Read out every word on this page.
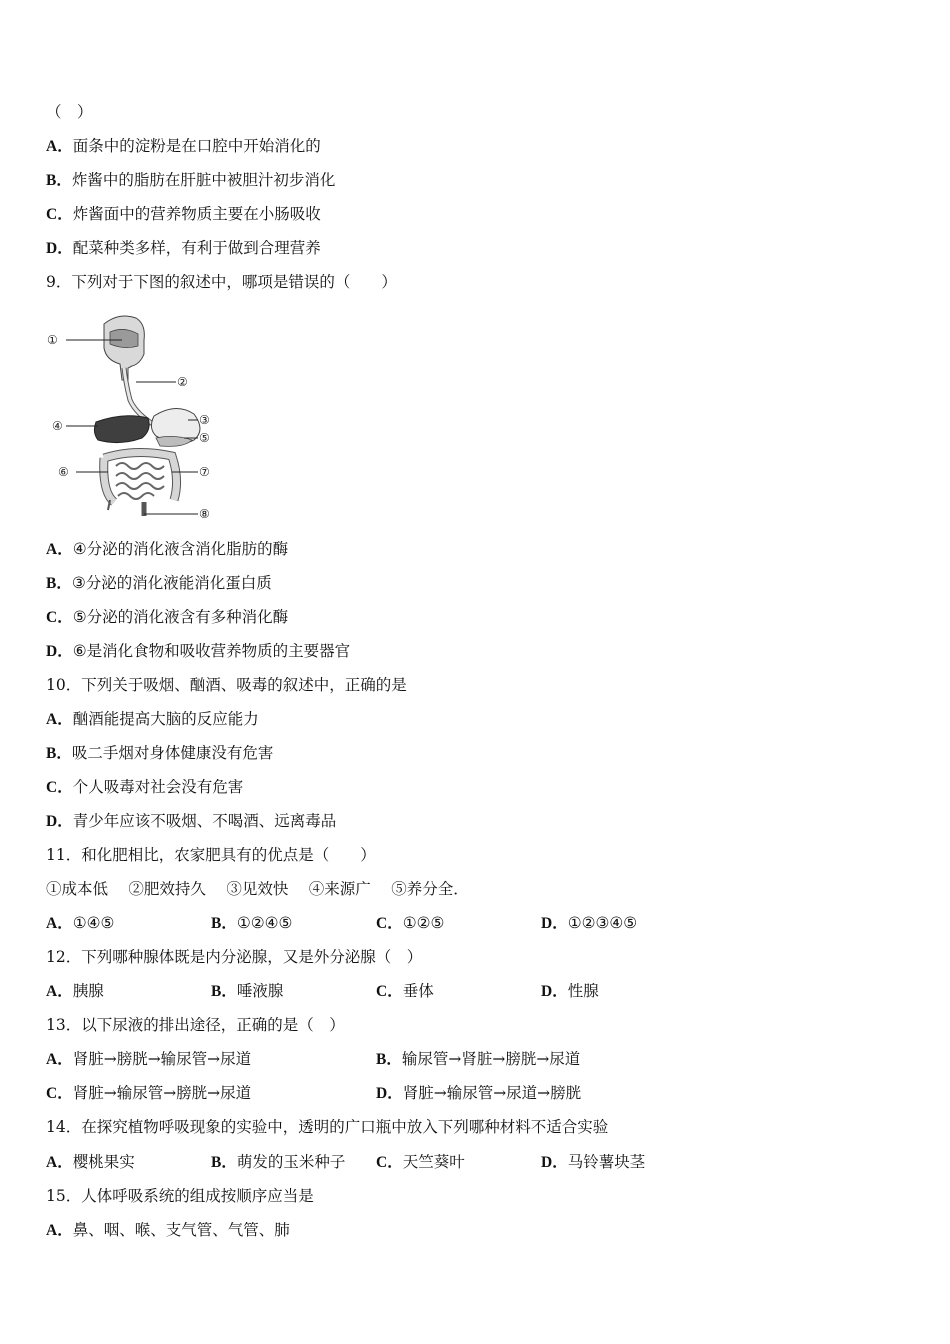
（　）
A．面条中的淀粉是在口腔中开始消化的
B．炸酱中的脂肪在肝脏中被胆汁初步消化
C．炸酱面中的营养物质主要在小肠吸收
D．配菜种类多样，有利于做到合理营养
9．下列对于下图的叙述中，哪项是错误的（　　）
①
②
③
④
⑤
⑥	⑦
⑧
A．④分泌的消化液含消化脂肪的酶
B．③分泌的消化液能消化蛋白质
C．⑤分泌的消化液含有多种消化酶
D．⑥是消化食物和吸收营养物质的主要器官
10．下列关于吸烟、酗酒、吸毒的叙述中，正确的是
A．酗酒能提高大脑的反应能力
B．吸二手烟对身体健康没有危害
C．个人吸毒对社会没有危害
D．青少年应该不吸烟、不喝酒、远离毒品
11．和化肥相比，农家肥具有的优点是（　　）
①成本低　 ②肥效持久　 ③见效快　 ④来源广　 ⑤养分全．
A．①④⑤	B．①②④⑤	C．①②⑤	D．①②③④⑤
12．下列哪种腺体既是内分泌腺，又是外分泌腺（　）
A．胰腺	B．唾液腺	C．垂体	D．性腺
13．以下尿液的排出途径，正确的是（　）
A．肾脏→膀胱→输尿管→尿道	B．输尿管→肾脏→膀胱→尿道
C．肾脏→输尿管→膀胱→尿道	D．肾脏→输尿管→尿道→膀胱
14．在探究植物呼吸现象的实验中，透明的广口瓶中放入下列哪种材料不适合实验
A．樱桃果实	B．萌发的玉米种子 C．天竺葵叶	D．马铃薯块茎
15．人体呼吸系统的组成按顺序应当是
A．鼻、咽、喉、支气管、气管、肺
